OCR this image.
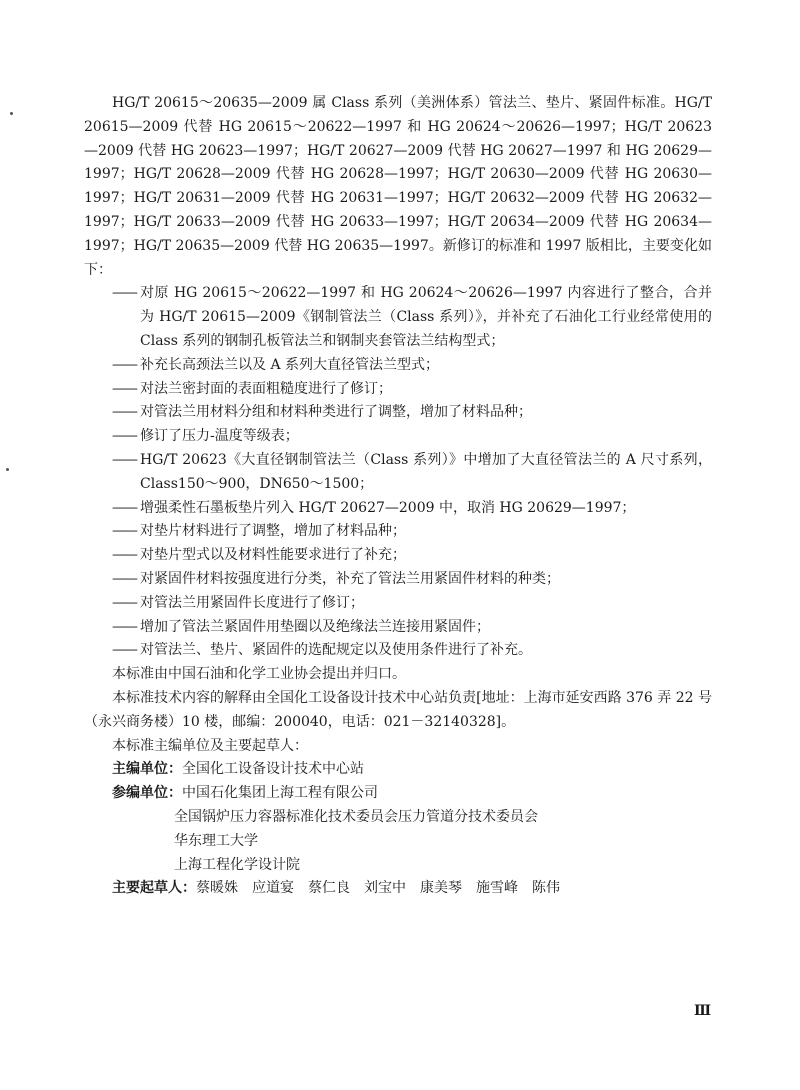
HG/T 20615～20635—2009 属 Class 系列（美洲体系）管法兰、垫片、紧固件标准。HG/T 20615—2009 代替 HG 20615～20622—1997 和 HG 20624～20626—1997；HG/T 20623—2009 代替 HG 20623—1997；HG/T 20627—2009 代替 HG 20627—1997 和 HG 20629—1997；HG/T 20628—2009 代替 HG 20628—1997；HG/T 20630—2009 代替 HG 20630—1997；HG/T 20631—2009 代替 HG 20631—1997；HG/T 20632—2009 代替 HG 20632—1997；HG/T 20633—2009 代替 HG 20633—1997；HG/T 20634—2009 代替 HG 20634—1997；HG/T 20635—2009 代替 HG 20635—1997。新修订的标准和 1997 版相比，主要变化如下：

—— 对原 HG 20615～20622—1997 和 HG 20624～20626—1997 内容进行了整合，合并为 HG/T 20615—2009《钢制管法兰（Class 系列）》，并补充了石油化工行业经常使用的 Class 系列的钢制孔板管法兰和钢制夹套管法兰结构型式；
—— 补充长高颈法兰以及 A 系列大直径管法兰型式；
—— 对法兰密封面的表面粗糙度进行了修订；
—— 对管法兰用材料分组和材料种类进行了调整，增加了材料品种；
—— 修订了压力-温度等级表；
—— HG/T 20623《大直径钢制管法兰（Class 系列）》中增加了大直径管法兰的 A 尺寸系列，Class150～900，DN650～1500；
—— 增强柔性石墨板垫片列入 HG/T 20627—2009 中，取消 HG 20629—1997；
—— 对垫片材料进行了调整，增加了材料品种；
—— 对垫片型式以及材料性能要求进行了补充；
—— 对紧固件材料按强度进行分类，补充了管法兰用紧固件材料的种类；
—— 对管法兰用紧固件长度进行了修订；
—— 增加了管法兰紧固件用垫圈以及绝缘法兰连接用紧固件；
—— 对管法兰、垫片、紧固件的选配规定以及使用条件进行了补充。

本标准由中国石油和化学工业协会提出并归口。

本标准技术内容的解释由全国化工设备设计技术中心站负责[地址：上海市延安西路 376 弄 22 号（永兴商务楼）10 楼，邮编：200040，电话：021－32140328]。

本标准主编单位及主要起草人：

主编单位：全国化工设备设计技术中心站

参编单位：中国石化集团上海工程有限公司

全国锅炉压力容器标准化技术委员会压力管道分技术委员会

华东理工大学

上海工程化学设计院

主要起草人：蔡暖姝 应道宴 蔡仁良 刘宝中 康美琴 施雪峰 陈伟

Ⅲ
